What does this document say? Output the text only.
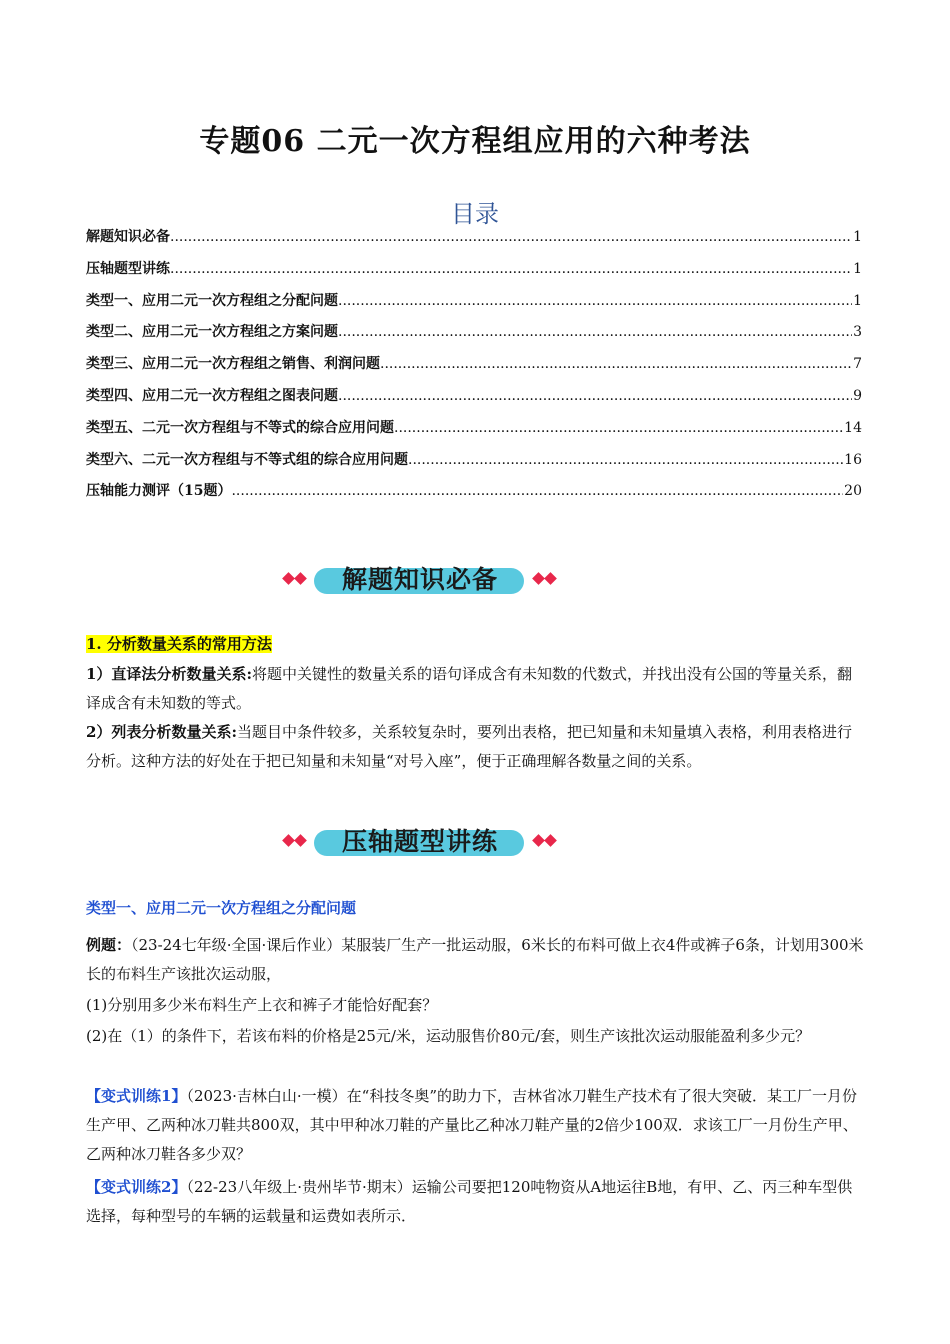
专题06 二元一次方程组应用的六种考法
目录
解题知识必备 .....	1
压轴题型讲练 .....	1
类型一、应用二元一次方程组之分配问题 .....	1
类型二、应用二元一次方程组之方案问题 .....	3
类型三、应用二元一次方程组之销售、利润问题 .....	7
类型四、应用二元一次方程组之图表问题 .....	9
类型五、二元一次方程组与不等式的综合应用问题 .....	14
类型六、二元一次方程组与不等式组的综合应用问题 .....	16
压轴能力测评（15题） .....	20
解题知识必备
1. 分析数量关系的常用方法
1）直译法分析数量关系:将题中关键性的数量关系的语句译成含有未知数的代数式，并找出没有公国的等量关系，翻译成含有未知数的等式。
2）列表分析数量关系:当题目中条件较多，关系较复杂时，要列出表格，把已知量和未知量填入表格，利用表格进行分析。这种方法的好处在于把已知量和未知量“对号入座”，便于正确理解各数量之间的关系。
压轴题型讲练
类型一、应用二元一次方程组之分配问题
例题：（23-24七年级·全国·课后作业）某服装厂生产一批运动服，6米长的布料可做上衣4件或裤子6条，计划用300米长的布料生产该批次运动服，
(1)分别用多少米布料生产上衣和裤子才能恰好配套？
(2)在（1）的条件下，若该布料的价格是25元/米，运动服售价80元/套，则生产该批次运动服能盈利多少元？
【变式训练1】（2023·吉林白山·一模）在“科技冬奥”的助力下，吉林省冰刀鞋生产技术有了很大突破．某工厂一月份生产甲、乙两种冰刀鞋共800双，其中甲种冰刀鞋的产量比乙种冰刀鞋产量的2倍少100双．求该工厂一月份生产甲、乙两种冰刀鞋各多少双？
【变式训练2】（22-23八年级上·贵州毕节·期末）运输公司要把120吨物资从A地运往B地，有甲、乙、丙三种车型供选择，每种型号的车辆的运载量和运费如表所示．
